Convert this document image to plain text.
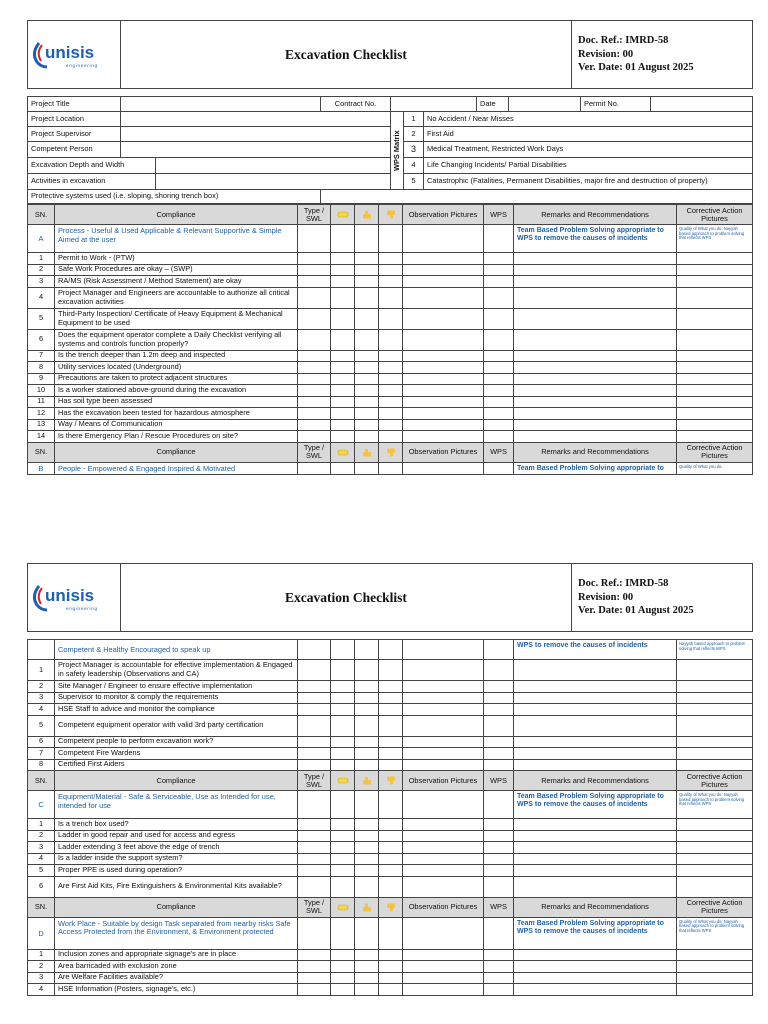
unisis
engineering
	Excavation Checklist	
Doc. Ref.: IMRD-58
Revision: 00
Ver. Date: 01 August 2025
Project Title			Contract No.				Date		Permit No.	
Project Location				WPS Matrix	1	No Accident / Near Misses				
Project Supervisor					2	First Aid				
Competent Person					3	Medical Treatment, Restricted Work Days				
Excavation Depth and Width					4	Life Changing Incidents/ Partial Disabilities				
Activities in excavation					5	Catastrophic (Fatalities, Permanent Disabilities, major fire and destruction of property)				
Protective systems used (i.e. sloping, shoring trench box)										
SN.	Compliance	Type / SWL				Observation Pictures	WPS	Remarks and Recommendations	Corrective Action Pictures
A	Process - Useful & Used Applicable & Relevant Supportive & Simple Aimed at the user							Team Based Problem Solving appropriate to WPS to remove the causes of incidents	Quality of What you do: Nayyah based approach to problem solving that reflects WPS
1	Permit to Work - (PTW)								
2	Safe Work Procedures are okay – (SWP)								
3	RA/MS (Risk Assessment / Method Statement) are okay								
4	Project Manager and Engineers are accountable to authorize all critical excavation activities								
5	Third-Party Inspection/ Certificate of Heavy Equipment & Mechanical Equipment to be used								
6	Does the equipment operator complete a Daily Checklist verifying all systems and controls function properly?								
7	Is the trench deeper than 1.2m deep and inspected								
8	Utility services located (Underground)								
9	Precautions are taken to protect adjacent structures								
10	Is a worker stationed above-ground during the excavation								
11	Has soil type been assessed								
12	Has the excavation been tested for hazardous atmosphere								
13	Way / Means of Communication								
14	Is there Emergency Plan / Rescue Procedures on site?								
SN.	Compliance	Type / SWL				Observation Pictures	WPS	Remarks and Recommendations	Corrective Action Pictures
B	People - Empowered & Engaged Inspired & Motivated							Team Based Problem Solving appropriate to	Quality of What you do:
unisis
engineering
	Excavation Checklist	
Doc. Ref.: IMRD-58
Revision: 00
Ver. Date: 01 August 2025
	Competent & Healthy Encouraged to speak up							WPS to remove the causes of incidents	Nayyah based approach to problem solving that reflects WPS
1	Project Manager is accountable for effective implementation & Engaged in safety leadership (Observations and CA)								
2	Site Manager / Engineer to ensure effective implementation								
3	Supervisor to monitor & comply the requirements								
4	HSE Staff to advice and monitor the compliance								
5	Competent equipment operator with valid 3rd party certification								
6	Competent people to perform excavation work?								
7	Competent Fire Wardens								
8	Certified First Aiders								
SN.	Compliance	Type / SWL				Observation Pictures	WPS	Remarks and Recommendations	Corrective Action Pictures
C	Equipment/Material - Safe & Serviceable, Use as Intended for use, intended for use							Team Based Problem Solving appropriate to WPS to remove the causes of incidents	Quality of What you do: Nayyah based approach to problem solving that reflects WPS
1	Is a trench box used?								
2	Ladder in good repair and used for access and egress								
3	Ladder extending 3 feet above the edge of trench								
4	Is a ladder inside the support system?								
5	Proper PPE is used during operation?								
6	Are First Aid Kits, Fire Extinguishers & Environmental Kits available?								
SN.	Compliance	Type / SWL				Observation Pictures	WPS	Remarks and Recommendations	Corrective Action Pictures
D	Work Place - Suitable by design Task separated from nearby risks Safe Access Protected from the Environment, & Environment protected							Team Based Problem Solving appropriate to WPS to remove the causes of incidents	Quality of What you do: Nayyah based approach to problem solving that reflects WPS
1	Inclusion zones and appropriate signage's are in place								
2	Area barricaded with exclusion zone								
3	Are Welfare Facilities available?								
4	HSE Information (Posters, signage's, etc.)								
